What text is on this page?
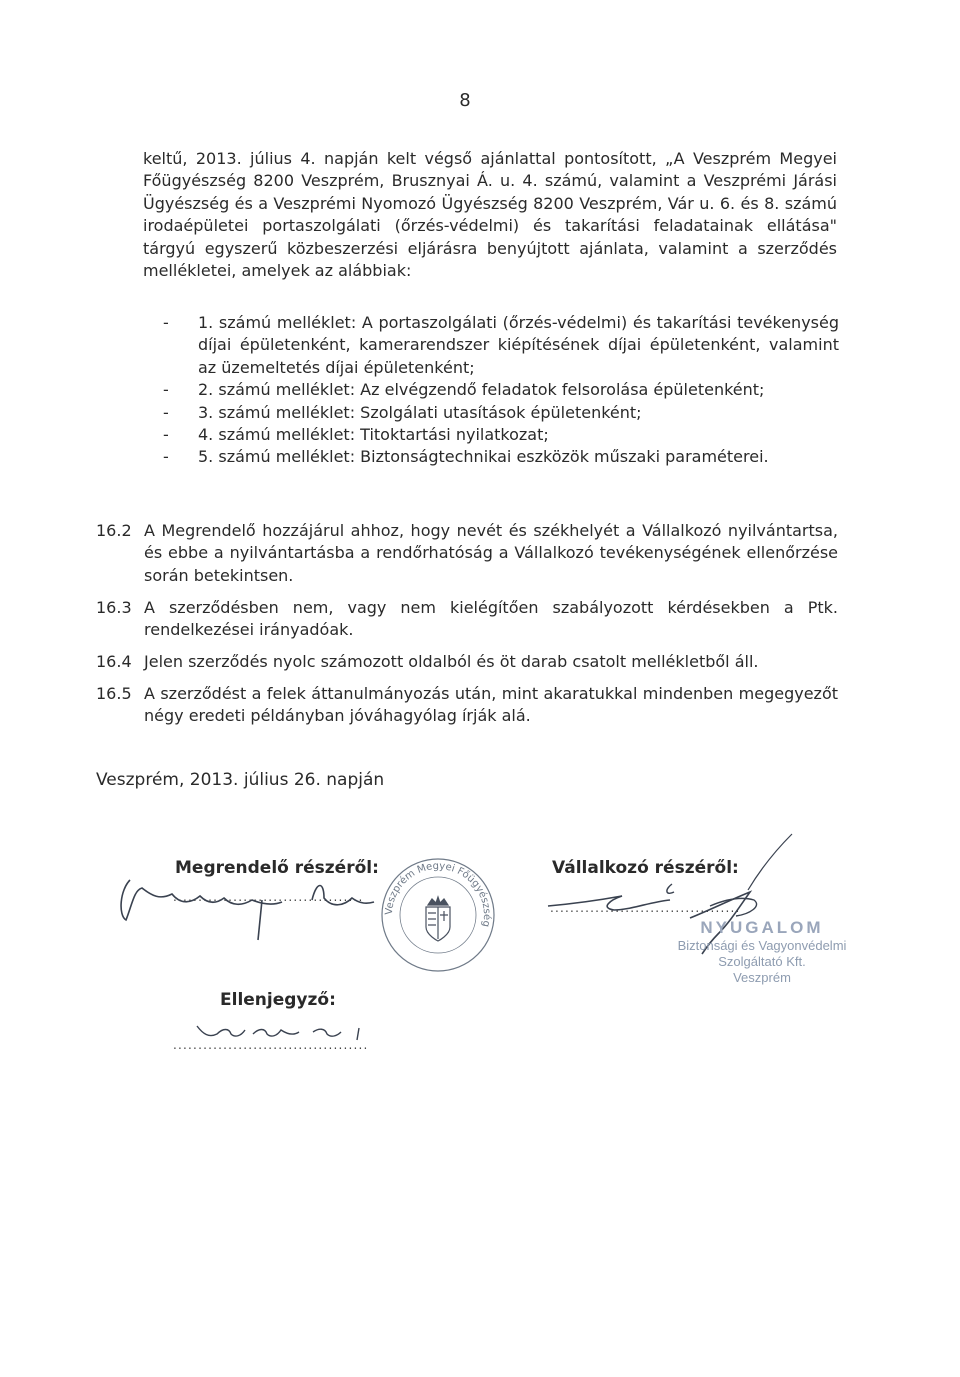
8

keltű, 2013. július 4. napján kelt végső ajánlattal pontosított, „A Veszprém Megyei Főügyészség 8200 Veszprém, Brusznyai Á. u. 4. számú, valamint a Veszprémi Járási Ügyészség és a Veszprémi Nyomozó Ügyészség 8200 Veszprém, Vár u. 6. és 8. számú irodaépületei portaszolgálati (őrzés-védelmi) és takarítási feladatainak ellátása" tárgyú egyszerű közbeszerzési eljárásra benyújtott ajánlata, valamint a szerződés mellékletei, amelyek az alábbiak:

- 1. számú melléklet: A portaszolgálati (őrzés-védelmi) és takarítási tevékenység díjai épületenként, kamerarendszer kiépítésének díjai épületenként, valamint az üzemeltetés díjai épületenként;
- 2. számú melléklet: Az elvégzendő feladatok felsorolása épületenként;
- 3. számú melléklet: Szolgálati utasítások épületenként;
- 4. számú melléklet: Titoktartási nyilatkozat;
- 5. számú melléklet: Biztonságtechnikai eszközök műszaki paraméterei.
16.2 A Megrendelő hozzájárul ahhoz, hogy nevét és székhelyét a Vállalkozó nyilvántartsa, és ebbe a nyilvántartásba a rendőrhatóság a Vállalkozó tevékenységének ellenőrzése során betekintsen.
16.3 A szerződésben nem, vagy nem kielégítően szabályozott kérdésekben a Ptk. rendelkezései irányadóak.
16.4 Jelen szerződés nyolc számozott oldalból és öt darab csatolt mellékletből áll.
16.5 A szerződést a felek áttanulmányozás után, mint akaratukkal mindenben megegyezőt négy eredeti példányban jóváhagyólag írják alá.
Veszprém, 2013. július 26. napján
Megrendelő részéről:
......................................
Veszprém Megyei Főügyészség
Vállalkozó részéről:
......................................
NYUGALOM
Biztonsági és Vagyonvédelmi
Szolgáltató Kft.
Veszprém
Ellenjegyző:
.......................................
